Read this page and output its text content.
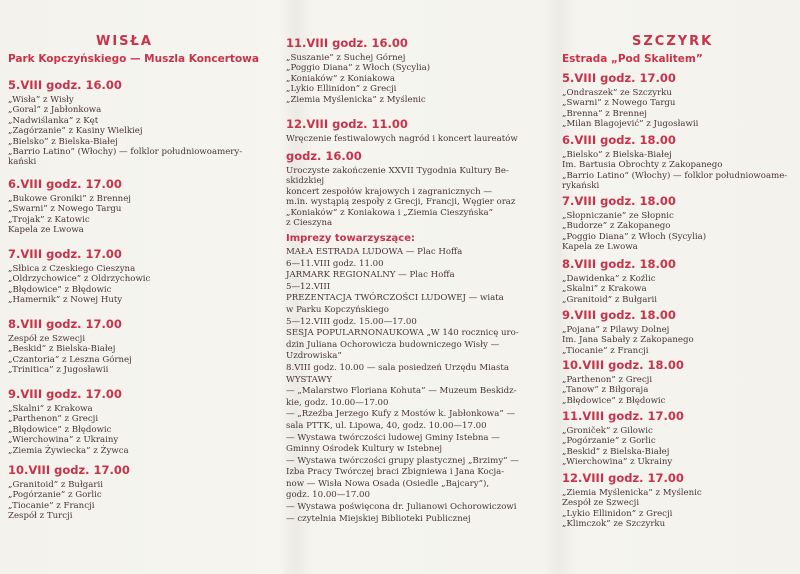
WISŁA
Park Kopczyńskiego — Muszla Koncertowa
5.VIII godz. 16.00
„Wisła” z Wisły
„Goral” z Jabłonkowa
„Nadwiślanka” z Kęt
„Zagórzanie” z Kasiny Wielkiej
„Bielsko” z Bielska-Białej
„Barrio Latino” (Włochy) — folklor południowoamery-
kański
6.VIII godz. 17.00
„Bukowe Groniki” z Brennej
„Swarni” z Nowego Targu
„Trojak” z Katowic
Kapela ze Lwowa
7.VIII godz. 17.00
„Słbica z Czeskiego Cieszyna
„Oldrzychowice” z Oldrzychowic
„Błędowice” z Błędowic
„Hamernik” z Nowej Huty
8.VIII godz. 17.00
Zespół ze Szwecji
„Beskid” z Bielska-Białej
„Czantoria” z Leszna Górnej
„Trinitica” z Jugosławii
9.VIII godz. 17.00
„Skalni” z Krakowa
„Parthenon” z Grecji
„Błędowice” z Błędowic
„Wierchowina” z Ukrainy
„Ziemia Żywiecka” z Żywca
10.VIII godz. 17.00
„Granitoid” z Bułgarii
„Pogórzanie” z Gorlic
„Tiocanie” z Francji
Zespół z Turcji
11.VIII godz. 16.00
„Suszanie” z Suchej Górnej
„Poggio Diana” z Włoch (Sycylia)
„Koniaków” z Koniakowa
„Lykio Ellinidon” z Grecji
„Ziemia Myślenicka” z Myślenic
12.VIII godz. 11.00
Wręczenie festiwalowych nagród i koncert laureatów
godz. 16.00
Uroczyste zakończenie XXVII Tygodnia Kultury Be-
skidzkiej
koncert zespołów krajowych i zagranicznych —
m.in. wystąpią zespoły z Grecji, Francji, Węgier oraz
„Koniaków” z Koniakowa i „Ziemia Cieszyńska”
z Cieszyna
Imprezy towarzyszące:
MAŁA ESTRADA LUDOWA — Plac Hoffa
6—11.VIII godz. 11.00
JARMARK REGIONALNY — Plac Hoffa
5—12.VIII
PREZENTACJA TWÓRCZOŚCI LUDOWEJ — wiata
w Parku Kopczyńskiego
5—12.VIII godz. 15.00—17.00
SESJA POPULARNONAUKOWA „W 140 rocznicę uro-
dzin Juliana Ochorowicza budowniczego Wisły —
Uzdrowiska”
8.VIII godz. 10.00 — sala posiedzeń Urzędu Miasta
WYSTAWY
— „Malarstwo Floriana Kohuta” — Muzeum Beskidz-
kie, godz. 10.00—17.00
— „Rzeźba Jerzego Kufy z Mostów k. Jabłonkowa” —
sala PTTK, ul. Lipowa, 40, godz. 10.00—17.00
— Wystawa twórczości ludowej Gminy Istebna —
Gminny Ośrodek Kultury w Istebnej
— Wystawa twórczości grupy plastycznej „Brzimy” —
Izba Pracy Twórczej braci Zbigniewa i Jana Kocja-
now — Wisła Nowa Osada (Osiedle „Bajcary”),
godz. 10.00—17.00
— Wystawa poświęcona dr. Julianowi Ochorowiczowi
— czytelnia Miejskiej Biblioteki Publicznej
SZCZYRK
Estrada „Pod Skalitem”
5.VIII godz. 17.00
„Ondraszek” ze Szczyrku
„Swarni” z Nowego Targu
„Brenna” z Brennej
„Milan Blagojević” z Jugosławii
6.VIII godz. 18.00
„Bielsko” z Bielska-Białej
Im. Bartusia Obrochty z Zakopanego
„Barrio Latino” (Włochy) — folklor południowoame-
rykański
7.VIII godz. 18.00
„Słopniczanie” ze Słopnic
„Budorze” z Zakopanego
„Poggio Diana” z Włoch (Sycylia)
Kapela ze Lwowa
8.VIII godz. 18.00
„Dawidenka” z Koźlic
„Skalni” z Krakowa
„Granitoid” z Bułgarii
9.VIII godz. 18.00
„Pojana” z Pilawy Dolnej
Im. Jana Sabały z Zakopanego
„Tiocanie” z Francji
10.VIII godz. 18.00
„Parthenon” z Grecji
„Tanow” z Biłgoraja
„Błędowice” z Błędowic
11.VIII godz. 17.00
„Groniček” z Gilowic
„Pogórzanie” z Gorlic
„Beskid” z Bielska-Białej
„Wierchowina” z Ukrainy
12.VIII godz. 17.00
„Ziemia Myślenicka” z Myślenic
Zespół ze Szwecji
„Lykio Ellinidon” z Grecji
„Klimczok” ze Szczyrku
